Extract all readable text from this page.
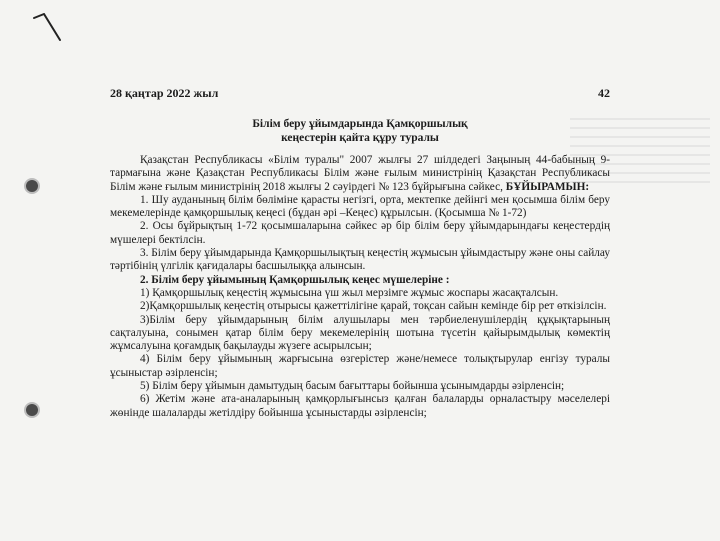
28 қаңтар 2022 жыл	42
Білім беру ұйымдарында Қамқоршылық
кеңестерін қайта құру туралы

Қазақстан Республикасы «Білім туралы" 2007 жылғы 27 шілдедегі Заңының 44-бабының 9-тармағына және Қазақстан Республикасы Білім және ғылым министрінің Қазақстан Республикасы Білім және ғылым министрінің 2018 жылғы 2 сәуірдегі № 123 бұйрығына сәйкес, БҰЙЫРАМЫН:

1. Шу ауданының білім бөліміне қарасты негізгі, орта, мектепке дейінгі мен қосымша білім беру мекемелерінде қамқоршылық кеңесі (бұдан әрі –Кеңес) құрылсын. (Қосымша № 1-72)

2. Осы бұйрықтың 1-72 қосымшаларына сәйкес әр бір білім беру ұйымдарындағы кеңестердің мүшелері бектілсін.

3. Білім беру ұйымдарында Қамқоршылықтың кеңестің жұмысын ұйымдастыру және оны сайлау тәртібінің үлгілік қағидалары басшылыққа алынсын.

2. Білім беру ұйымының Қамқоршылық кеңес мүшелеріне :

1) Қамқоршылық кеңестің жұмысына үш жыл мерзімге жұмыс жоспары жасақталсын.

2)Қамқоршылық кеңестің отырысы қажеттілігіне қарай, тоқсан сайын кемінде бір рет өткізілсін.

3)Білім беру ұйымдарының білім алушылары мен тәрбиеленушілердің құқықтарының сақталуына, сонымен қатар білім беру мекемелерінің шотына түсетін қайырымдылық көмектің жұмсалуына қоғамдық бақылауды жүзеге асырылсын;

4) Білім беру ұйымының жарғысына өзгерістер және/немесе толықтырулар енгізу туралы ұсыныстар әзірленсін;

5) Білім беру ұйымын дамытудың басым бағыттары бойынша ұсынымдарды әзірленсін;

6) Жетім және ата-аналарының қамқорлығынсыз қалған балаларды орналастыру мәселелері жөнінде шалаларды жетілдіру бойынша ұсыныстарды әзірленсін;
